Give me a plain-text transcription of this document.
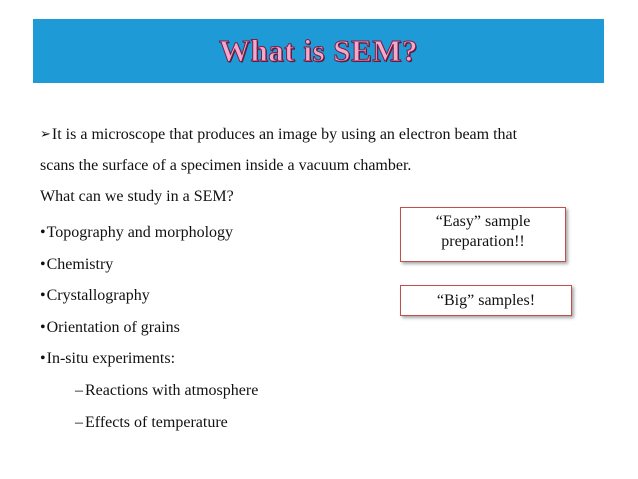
What is SEM?
➢It is a microscope that produces an image by using an electron beam that
scans the surface of a specimen inside a vacuum chamber.
What can we study in a SEM?
•Topography and morphology
•Chemistry
•Crystallography
•Orientation of grains
•In-situ experiments:
– Reactions with atmosphere
– Effects of temperature
“Easy” sample
preparation!!
“Big” samples!
